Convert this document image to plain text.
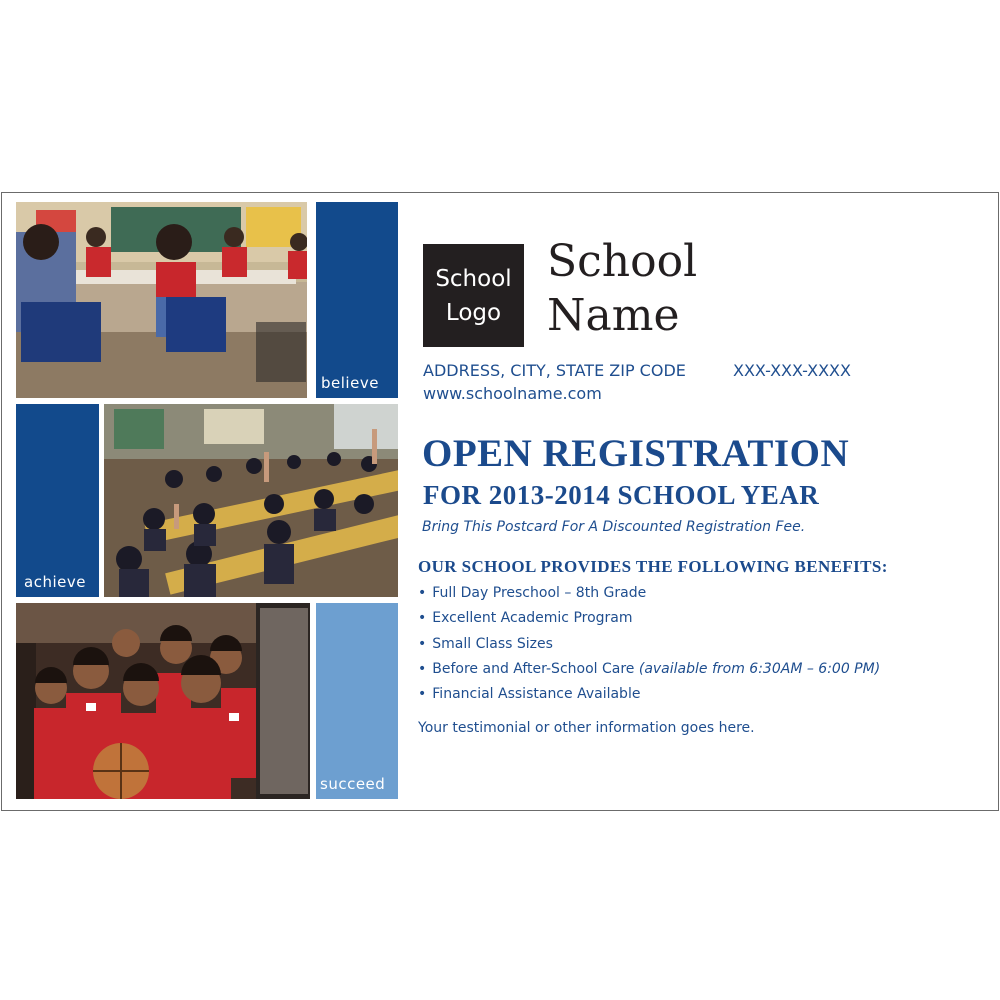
believe
achieve
succeed
School
Logo
School
Name
ADDRESS, CITY, STATE ZIP CODE	XXX-XXX-XXXX
www.schoolname.com
OPEN REGISTRATION
FOR 2013-2014 SCHOOL YEAR
Bring This Postcard For A Discounted Registration Fee.
OUR SCHOOL PROVIDES THE FOLLOWING BENEFITS:
• Full Day Preschool – 8th Grade
• Excellent Academic Program
• Small Class Sizes
• Before and After-School Care (available from 6:30AM – 6:00 PM)
• Financial Assistance Available
Your testimonial or other information goes here.
